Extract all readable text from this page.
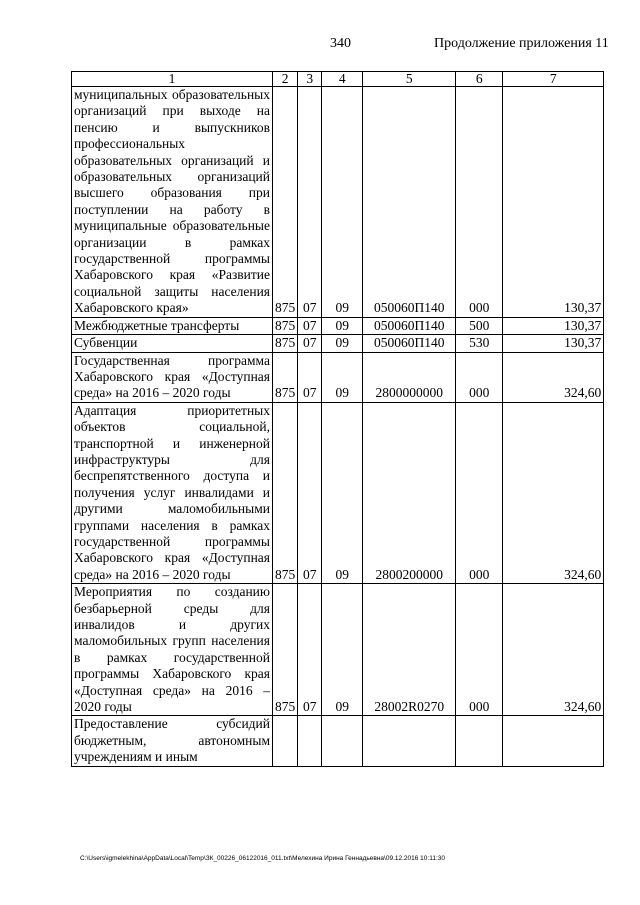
340	Продолжение приложения 11
1	2	3	4	5	6	7
муниципальных образовательных организаций при выходе на пенсию и выпускников профессиональных образовательных организаций и образовательных организаций высшего образования при поступлении на работу в муниципальные образовательные организации в рамках государственной программы Хабаровского края «Развитие социальной защиты населения Хабаровского края»	875	07	09	050060П140	000	130,37
Межбюджетные трансферты	875	07	09	050060П140	500	130,37
Субвенции	875	07	09	050060П140	530	130,37
Государственная программа Хабаровского края «Доступная среда» на 2016 – 2020 годы	875	07	09	2800000000	000	324,60
Адаптация приоритетных объектов социальной, транспортной и инженерной инфраструктуры для беспрепятственного доступа и получения услуг инвалидами и другими маломобильными группами населения в рамках государственной программы Хабаровского края «Доступная среда» на 2016 – 2020 годы	875	07	09	2800200000	000	324,60
Мероприятия по созданию безбарьерной среды для инвалидов и других маломобильных групп населения в рамках государственной программы Хабаровского края «Доступная среда» на 2016 – 2020 годы	875	07	09	28002R0270	000	324,60
Предоставление субсидий бюджетным, автономным учреждениям и иным						
C:\Users\igmelekhina\AppData\Local\Temp\ЗК_00226_06122016_011.txt\Мелехина Ирина Геннадьевна\09.12.2016 10:11:30
